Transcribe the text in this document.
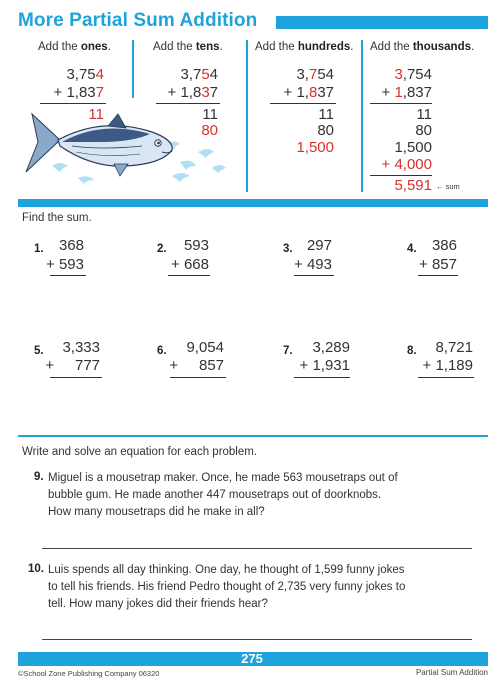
More Partial Sum Addition
Add the ones.	Add the tens.	Add the hundreds. Add the thousands.
3,754
+ 1,837
11
3,754
+ 1,837
11
80
3,754
+ 1,837
11
80
1,500
3,754
+ 1,837
11
80
1,500
+ 4,000
5,591 ← sum
Find the sum.
1.	368
+ 593
2.	593
+ 668
3. 297
+ 493
4.	386
+ 857
5.	3,333
+     777
6.	9,054
+     857
7.	3,289
+ 1,931
8.	8,721
+ 1,189
Write and solve an equation for each problem.
9. Miguel is a mousetrap maker. Once, he made 563 mousetraps out of
bubble gum. He made another 447 mousetraps out of doorknobs.
How many mousetraps did he make in all?
10. Luis spends all day thinking. One day, he thought of 1,599 funny jokes
to tell his friends. His friend Pedro thought of 2,735 very funny jokes to
tell. How many jokes did their friends hear?
275
©School Zone Publishing Company 06320	Partial Sum Addition
